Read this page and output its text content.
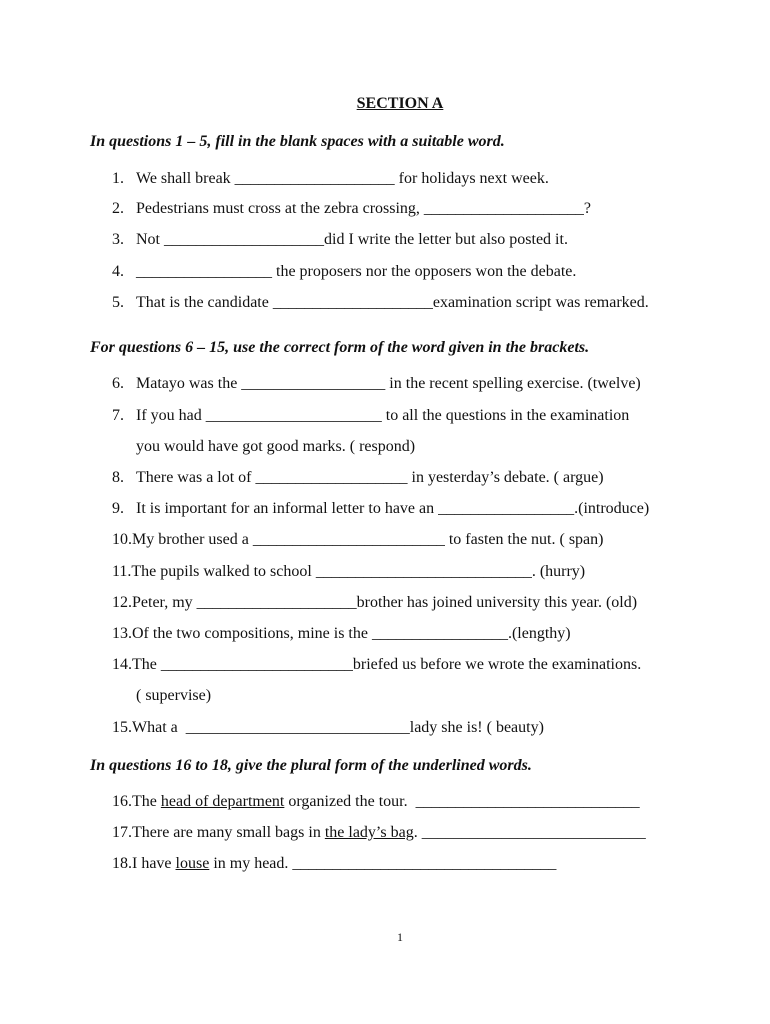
SECTION A
In questions 1 – 5, fill in the blank spaces with a suitable word.
1. We shall break ____________________ for holidays next week.
2. Pedestrians must cross at the zebra crossing, ____________________?
3. Not ____________________did I write the letter but also posted it.
4. _________________ the proposers nor the opposers won the debate.
5. That is the candidate ____________________examination script was remarked.
For questions 6 – 15, use the correct form of the word given in the brackets.
6. Matayo was the __________________ in the recent spelling exercise. (twelve)
7. If you had ______________________ to all the questions in the examination
you would have got good marks. ( respond)
8. There was a lot of ___________________ in yesterday’s debate. ( argue)
9. It is important for an informal letter to have an _________________.(introduce)
10.My brother used a ________________________ to fasten the nut. ( span)
11.The pupils walked to school ___________________________. (hurry)
12.Peter, my ____________________brother has joined university this year. (old)
13.Of the two compositions, mine is the _________________.(lengthy)
14.The ________________________briefed us before we wrote the examinations.
( supervise)
15.What a  ____________________________lady she is! ( beauty)
In questions 16 to 18, give the plural form of the underlined words.
16.The head of department organized the tour.  ____________________________
17.There are many small bags in the lady’s bag. ____________________________
18.I have louse in my head. _________________________________
1
